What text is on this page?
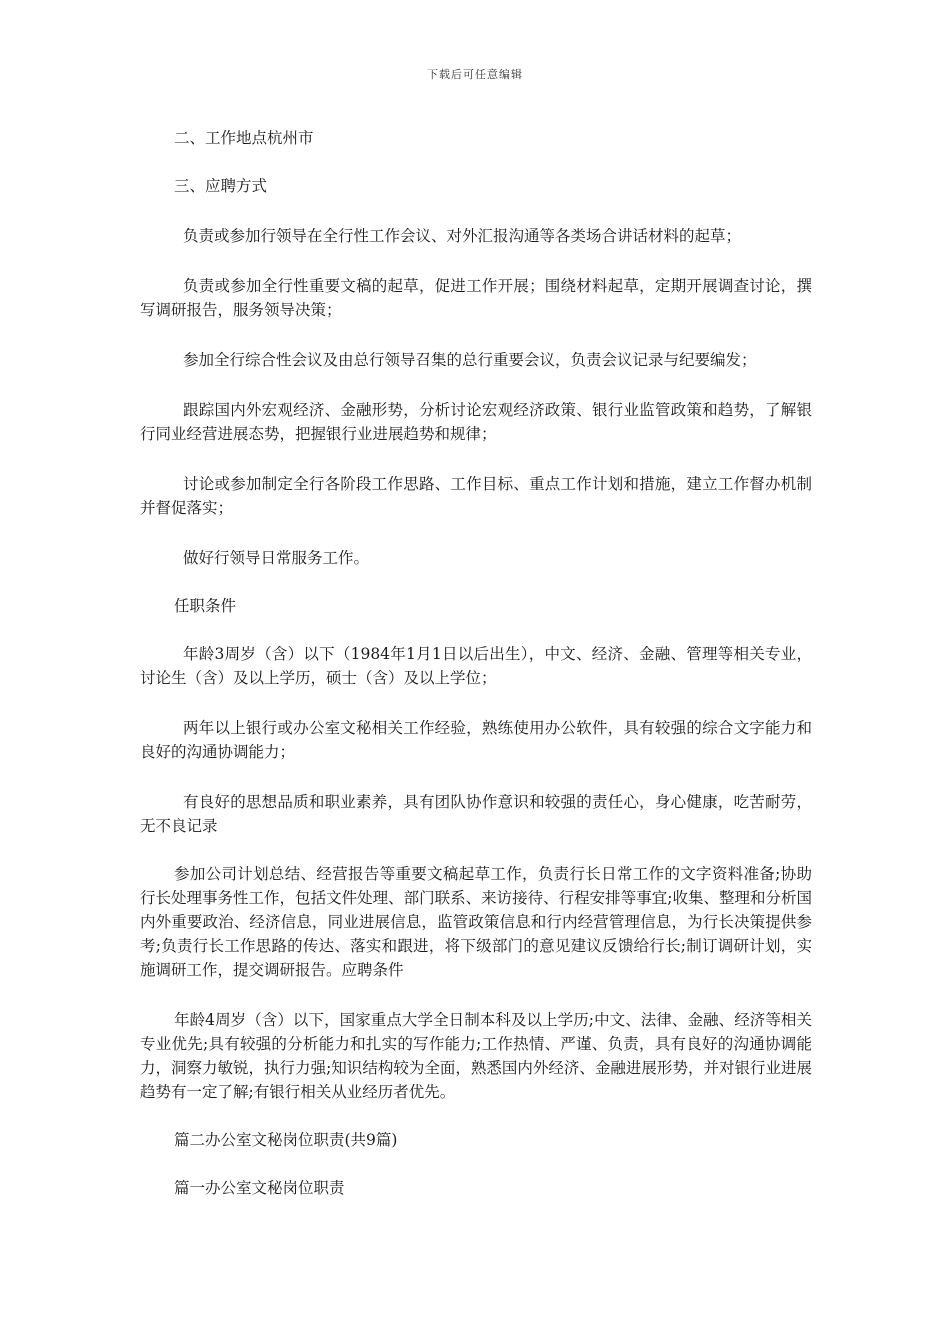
下载后可任意编辑

二、工作地点杭州市

三、应聘方式

负责或参加行领导在全行性工作会议、对外汇报沟通等各类场合讲话材料的起草；

负责或参加全行性重要文稿的起草，促进工作开展；围绕材料起草，定期开展调查讨论，撰写调研报告，服务领导决策；

参加全行综合性会议及由总行领导召集的总行重要会议，负责会议记录与纪要编发；

跟踪国内外宏观经济、金融形势，分析讨论宏观经济政策、银行业监管政策和趋势，了解银行同业经营进展态势，把握银行业进展趋势和规律；

讨论或参加制定全行各阶段工作思路、工作目标、重点工作计划和措施，建立工作督办机制并督促落实；

做好行领导日常服务工作。

任职条件

年龄3周岁（含）以下（1984年1月1日以后出生），中文、经济、金融、管理等相关专业，讨论生（含）及以上学历，硕士（含）及以上学位；

两年以上银行或办公室文秘相关工作经验，熟练使用办公软件，具有较强的综合文字能力和良好的沟通协调能力；

有良好的思想品质和职业素养，具有团队协作意识和较强的责任心，身心健康，吃苦耐劳，无不良记录

参加公司计划总结、经营报告等重要文稿起草工作，负责行长日常工作的文字资料准备;协助行长处理事务性工作，包括文件处理、部门联系、来访接待、行程安排等事宜;收集、整理和分析国内外重要政治、经济信息，同业进展信息，监管政策信息和行内经营管理信息，为行长决策提供参考;负责行长工作思路的传达、落实和跟进，将下级部门的意见建议反馈给行长;制订调研计划，实施调研工作，提交调研报告。应聘条件

年龄4周岁（含）以下，国家重点大学全日制本科及以上学历;中文、法律、金融、经济等相关专业优先;具有较强的分析能力和扎实的写作能力;工作热情、严谨、负责，具有良好的沟通协调能力，洞察力敏锐，执行力强;知识结构较为全面，熟悉国内外经济、金融进展形势，并对银行业进展趋势有一定了解;有银行相关从业经历者优先。

篇二办公室文秘岗位职责(共9篇)

篇一办公室文秘岗位职责
